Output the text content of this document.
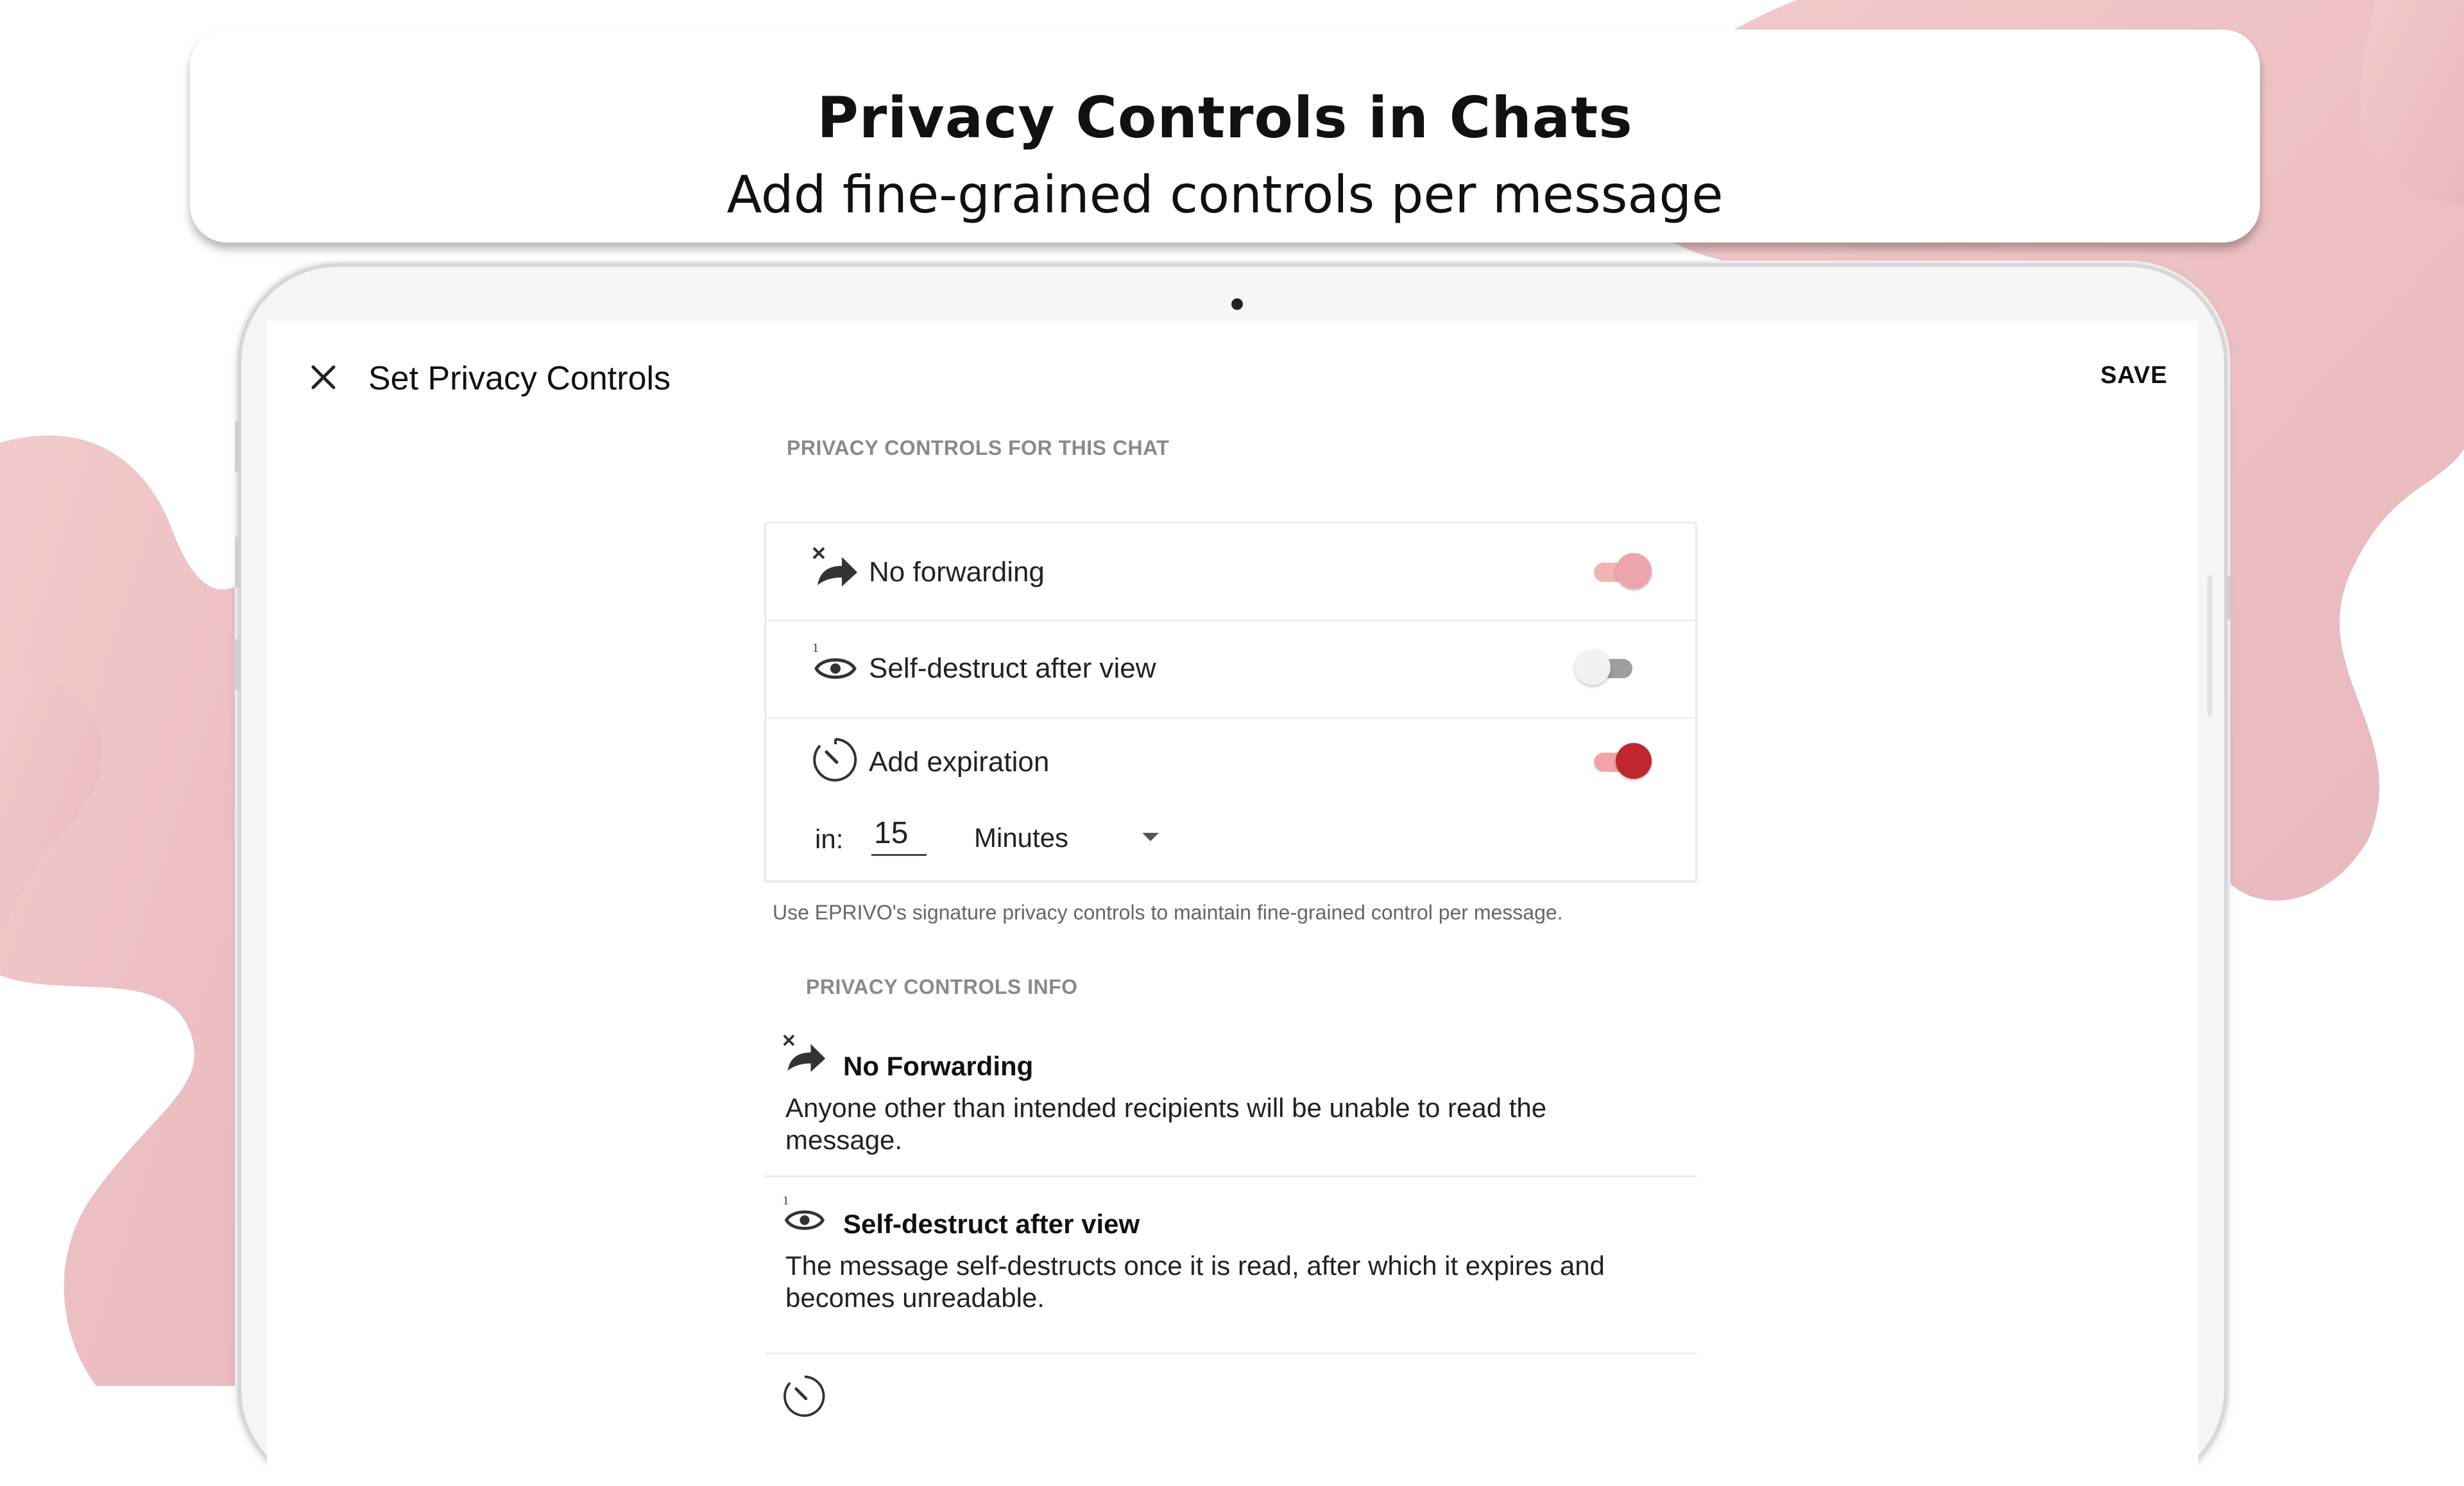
Privacy Controls in Chats
Add fine-grained controls per message
Set Privacy Controls	SAVE
PRIVACY CONTROLS FOR THIS CHAT
No forwarding
1
Self-destruct after view
Add expiration
in: 15	Minutes
Use EPRIVO's signature privacy controls to maintain fine-grained control per message.
PRIVACY CONTROLS INFO
No Forwarding
Anyone other than intended recipients will be unable to read the message.
1
Self-destruct after view
The message self-destructs once it is read, after which it expires and becomes unreadable.
